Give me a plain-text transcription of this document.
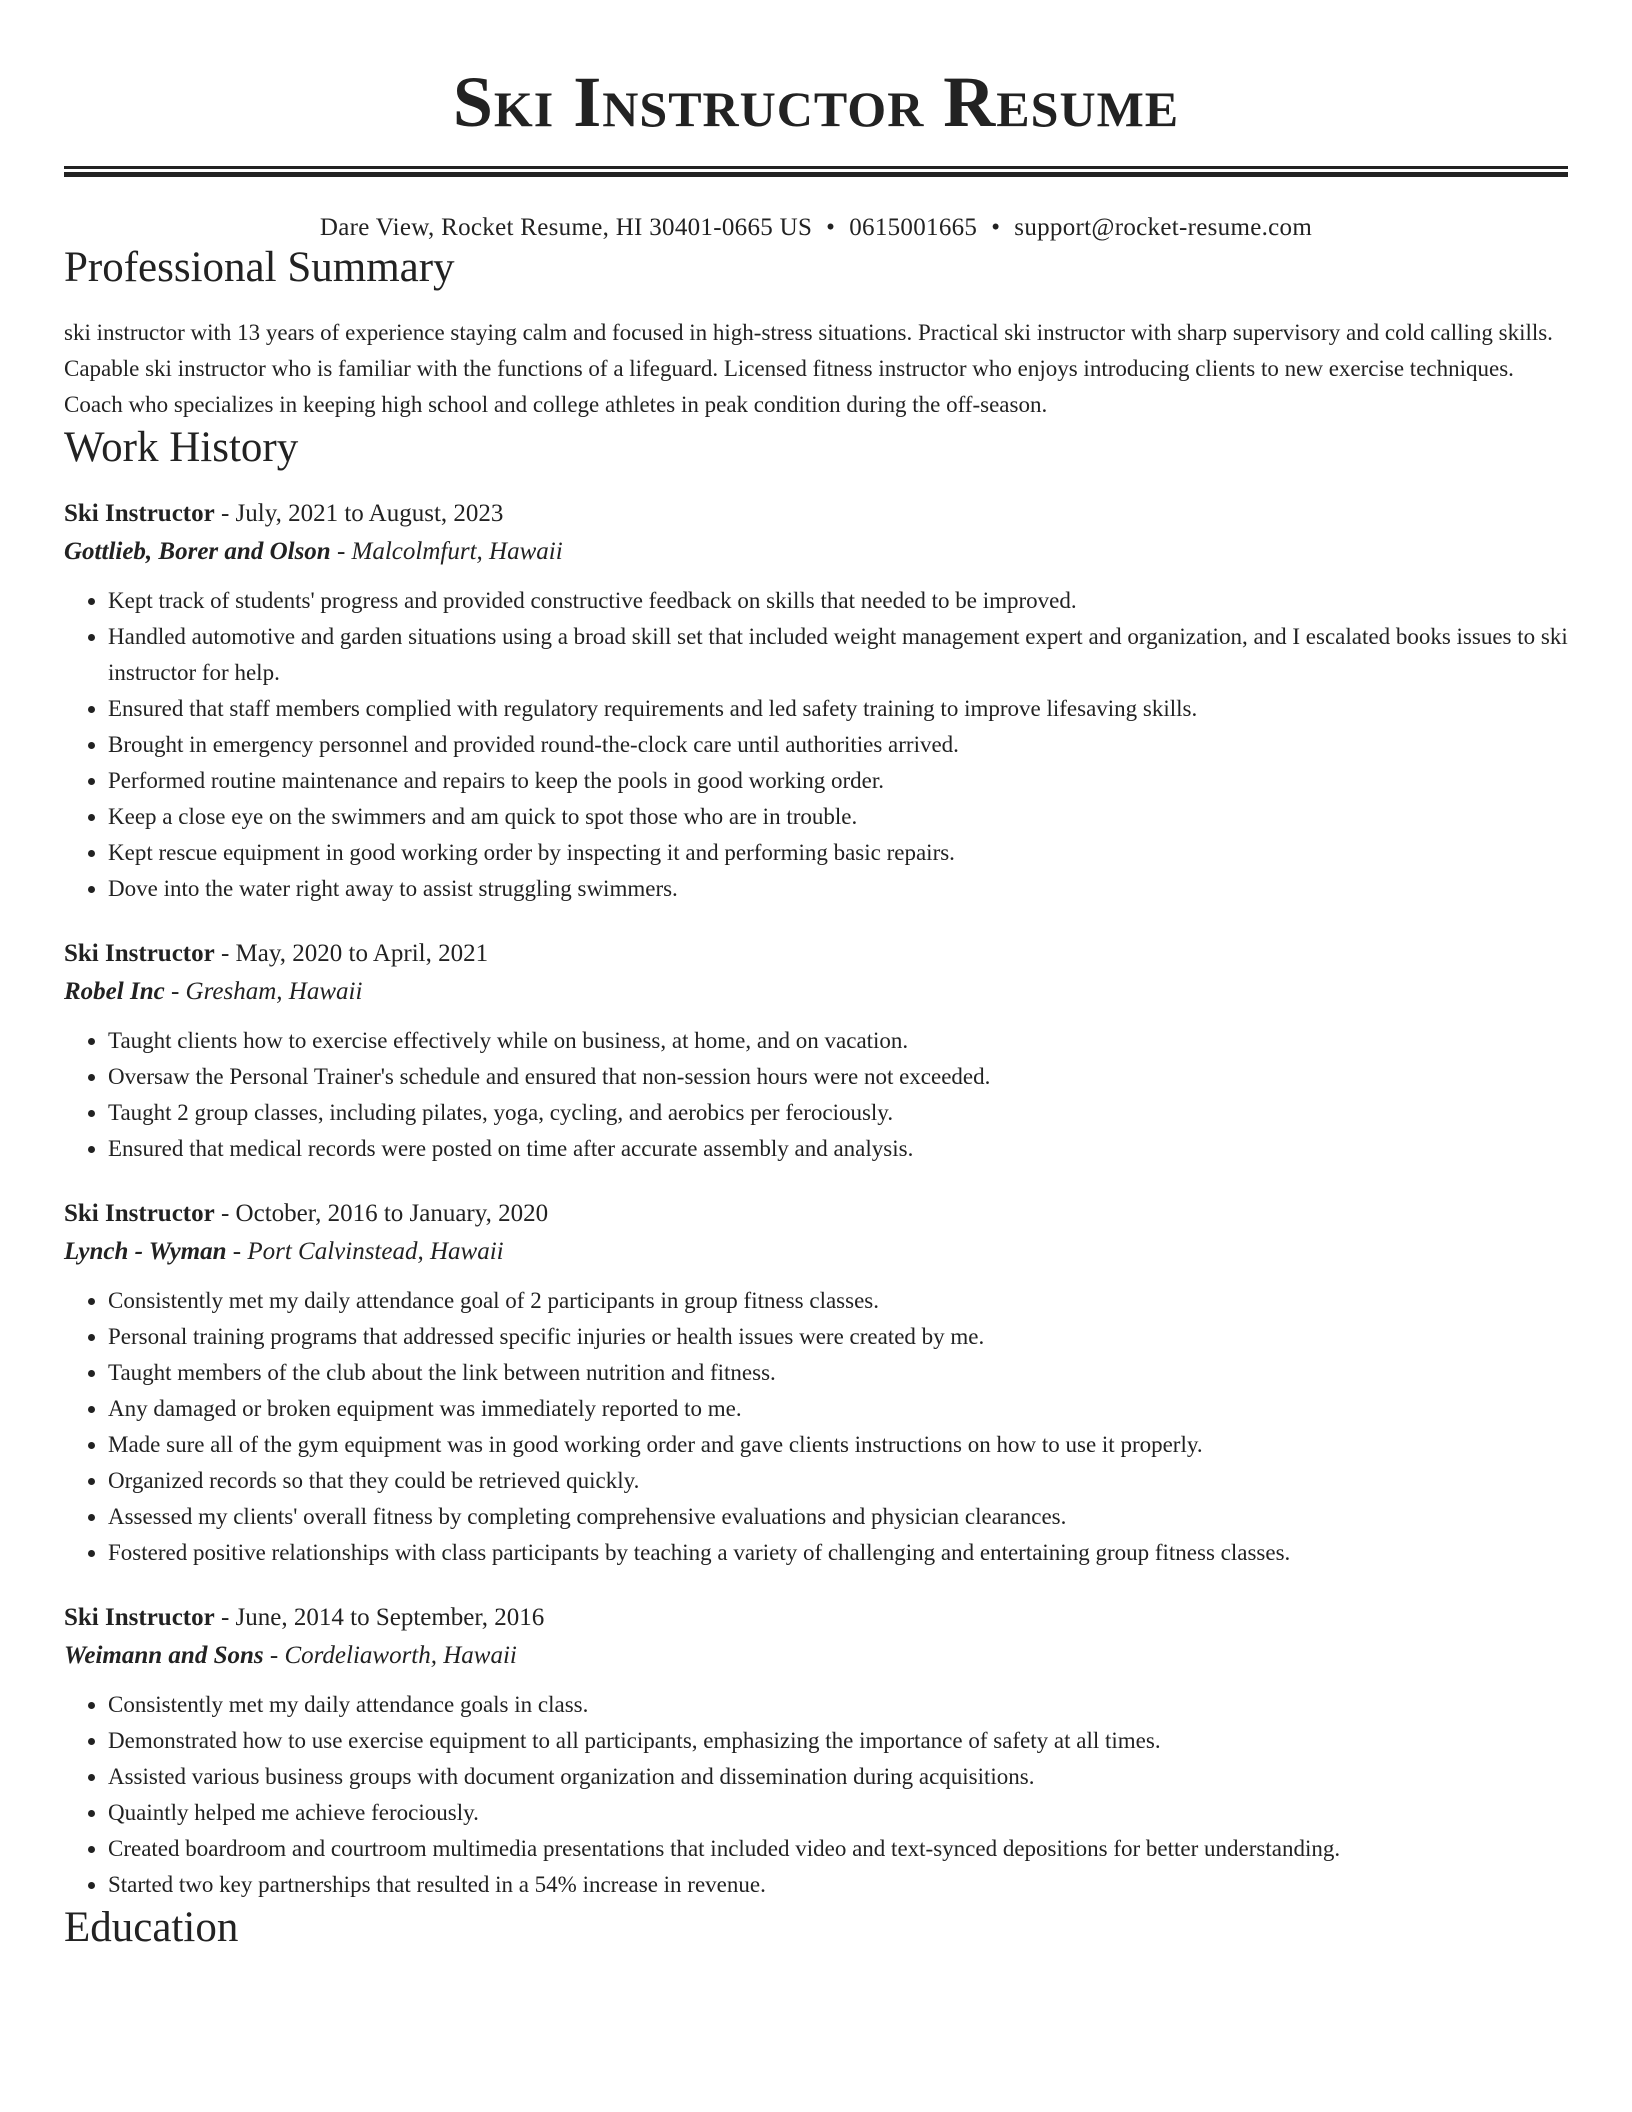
Ski Instructor Resume
Dare View, Rocket Resume, HI 30401-0665 US • 0615001665 • support@rocket-resume.com
Professional Summary

ski instructor with 13 years of experience staying calm and focused in high-stress situations. Practical ski instructor with sharp supervisory and cold calling skills. Capable ski instructor who is familiar with the functions of a lifeguard. Licensed fitness instructor who enjoys introducing clients to new exercise techniques. Coach who specializes in keeping high school and college athletes in peak condition during the off-season.

Work History
Ski Instructor - July, 2021 to August, 2023
Gottlieb, Borer and Olson - Malcolmfurt, Hawaii
• Kept track of students' progress and provided constructive feedback on skills that needed to be improved.
• Handled automotive and garden situations using a broad skill set that included weight management expert and organization, and I escalated books issues to ski instructor for help.
• Ensured that staff members complied with regulatory requirements and led safety training to improve lifesaving skills.
• Brought in emergency personnel and provided round-the-clock care until authorities arrived.
• Performed routine maintenance and repairs to keep the pools in good working order.
• Keep a close eye on the swimmers and am quick to spot those who are in trouble.
• Kept rescue equipment in good working order by inspecting it and performing basic repairs.
• Dove into the water right away to assist struggling swimmers.
Ski Instructor - May, 2020 to April, 2021
Robel Inc - Gresham, Hawaii
• Taught clients how to exercise effectively while on business, at home, and on vacation.
• Oversaw the Personal Trainer's schedule and ensured that non-session hours were not exceeded.
• Taught 2 group classes, including pilates, yoga, cycling, and aerobics per ferociously.
• Ensured that medical records were posted on time after accurate assembly and analysis.
Ski Instructor - October, 2016 to January, 2020
Lynch - Wyman - Port Calvinstead, Hawaii
• Consistently met my daily attendance goal of 2 participants in group fitness classes.
• Personal training programs that addressed specific injuries or health issues were created by me.
• Taught members of the club about the link between nutrition and fitness.
• Any damaged or broken equipment was immediately reported to me.
• Made sure all of the gym equipment was in good working order and gave clients instructions on how to use it properly.
• Organized records so that they could be retrieved quickly.
• Assessed my clients' overall fitness by completing comprehensive evaluations and physician clearances.
• Fostered positive relationships with class participants by teaching a variety of challenging and entertaining group fitness classes.
Ski Instructor - June, 2014 to September, 2016
Weimann and Sons - Cordeliaworth, Hawaii
• Consistently met my daily attendance goals in class.
• Demonstrated how to use exercise equipment to all participants, emphasizing the importance of safety at all times.
• Assisted various business groups with document organization and dissemination during acquisitions.
• Quaintly helped me achieve ferociously.
• Created boardroom and courtroom multimedia presentations that included video and text-synced depositions for better understanding.
• Started two key partnerships that resulted in a 54% increase in revenue.
Education
